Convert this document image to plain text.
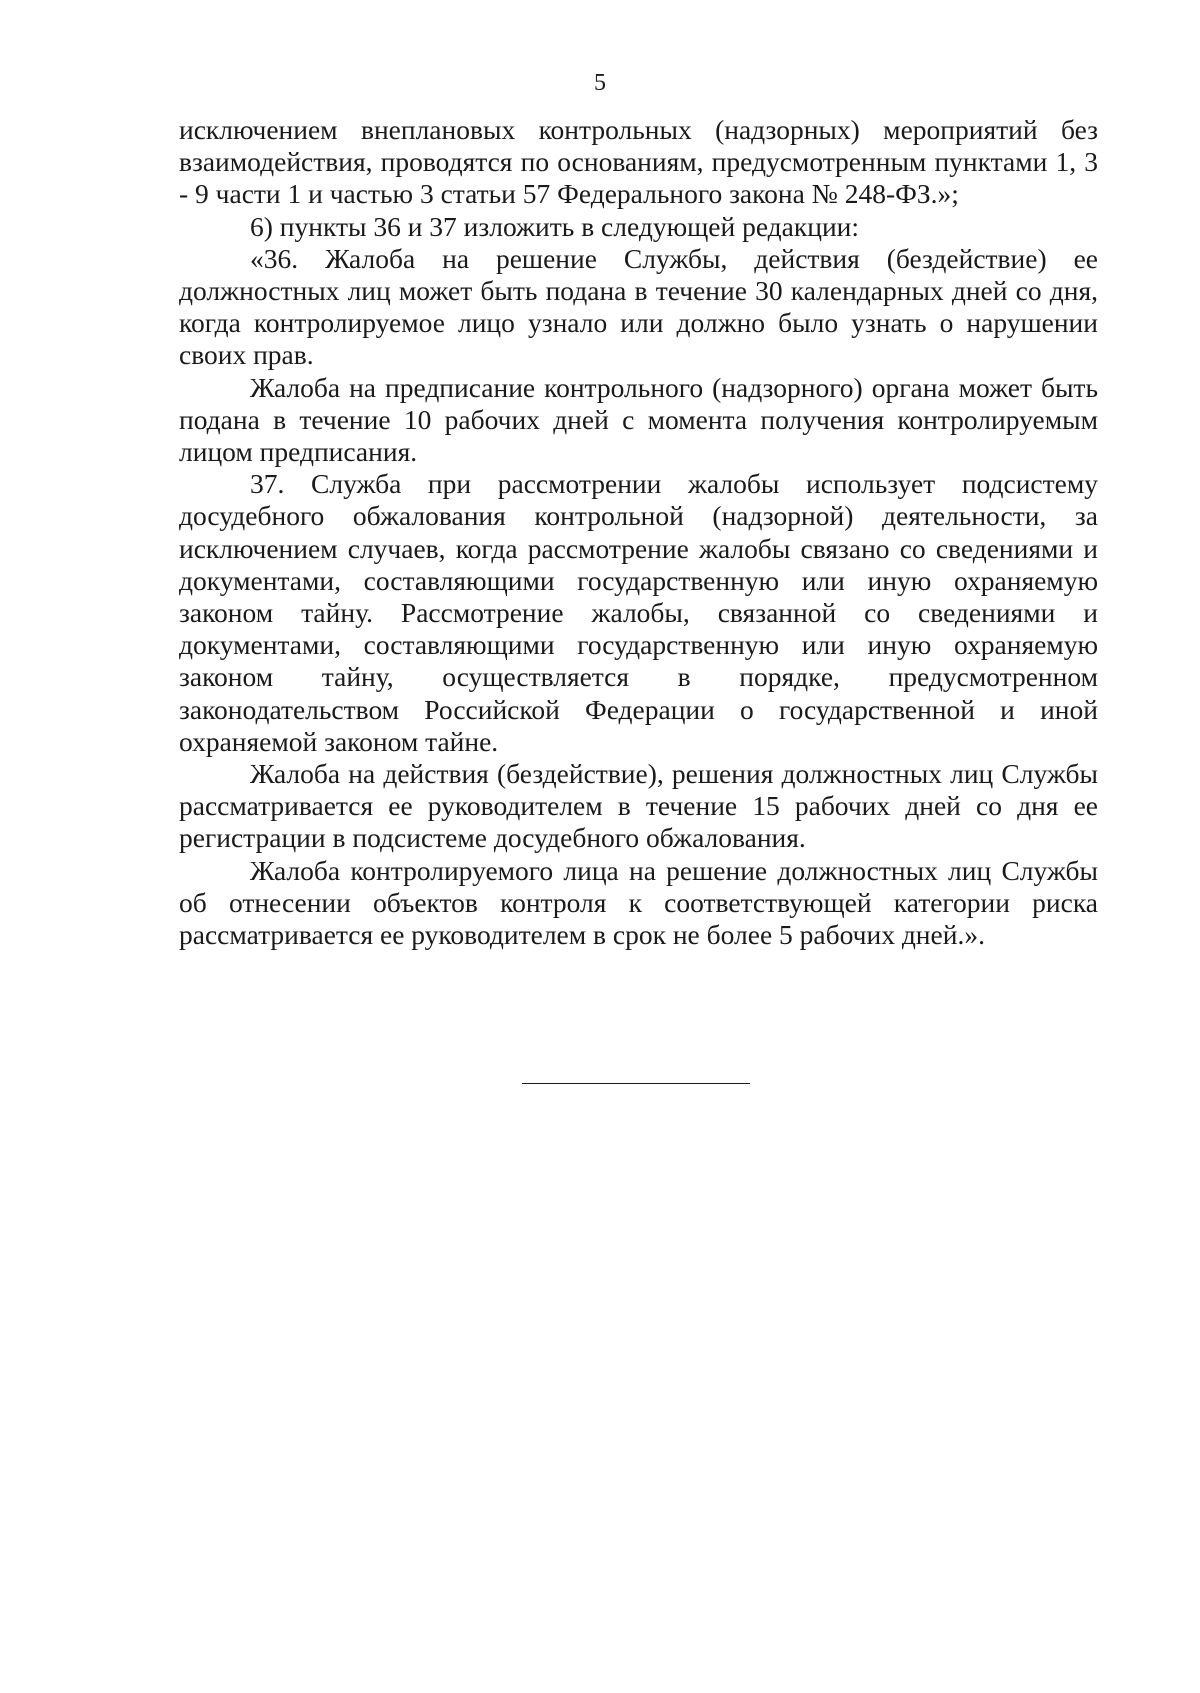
5

исключением внеплановых контрольных (надзорных) мероприятий без взаимодействия, проводятся по основаниям, предусмотренным пунктами 1, 3 - 9 части 1 и частью 3 статьи 57 Федерального закона № 248-ФЗ.»;

6) пункты 36 и 37 изложить в следующей редакции:

«36. Жалоба на решение Службы, действия (бездействие) ее должностных лиц может быть подана в течение 30 календарных дней со дня, когда контролируемое лицо узнало или должно было узнать о нарушении своих прав.

Жалоба на предписание контрольного (надзорного) органа может быть подана в течение 10 рабочих дней с момента получения контролируемым лицом предписания.

37. Служба при рассмотрении жалобы использует подсистему досудебного обжалования контрольной (надзорной) деятельности, за исключением случаев, когда рассмотрение жалобы связано со сведениями и документами, составляющими государственную или иную охраняемую законом тайну. Рассмотрение жалобы, связанной со сведениями и документами, составляющими государственную или иную охраняемую законом тайну, осуществляется в порядке, предусмотренном законодательством Российской Федерации о государственной и иной охраняемой законом тайне.

Жалоба на действия (бездействие), решения должностных лиц Службы рассматривается ее руководителем в течение 15 рабочих дней со дня ее регистрации в подсистеме досудебного обжалования.

Жалоба контролируемого лица на решение должностных лиц Службы об отнесении объектов контроля к соответствующей категории риска рассматривается ее руководителем в срок не более 5 рабочих дней.».
